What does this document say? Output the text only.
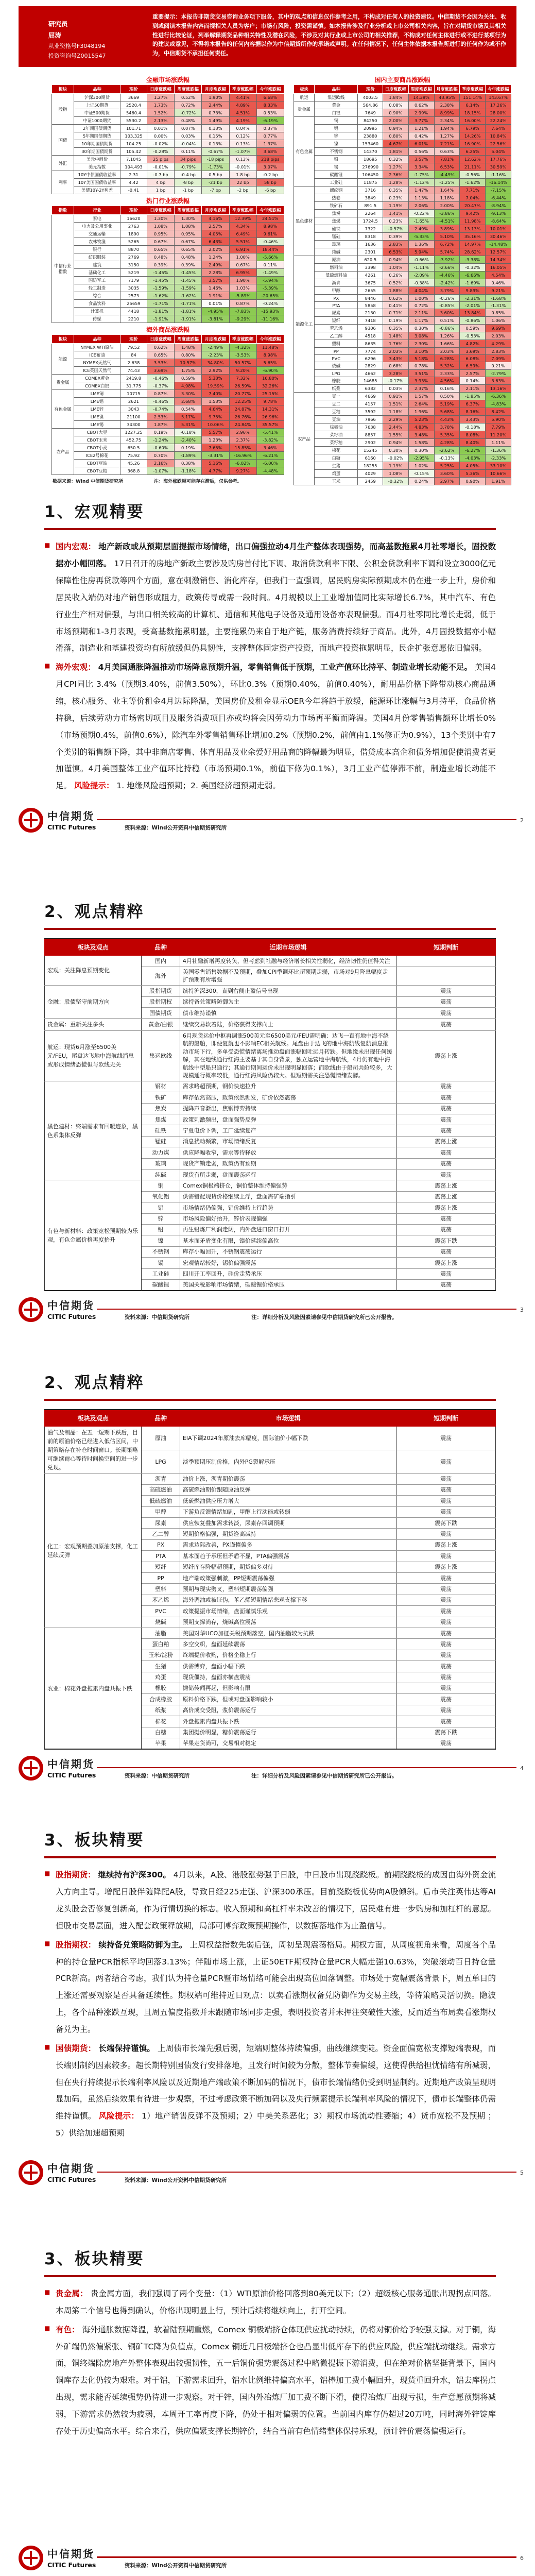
研究员
屈涛
从业资格号F3048194
投资咨询号Z0015547
重要提示：本报告非期货交易咨询业务项下服务，其中的观点和信息仅作参考之用，不构成对任何人的投资建议。中信期货不会因为关注、收到或阅读本报告内容而视相关人员为客户；市场有风险，投资需谨慎。如本报告涉及行业分析或上市公司相关内容，旨在对期货市场及其相关性进行比较论证，列举解释期货品种相关特性及潜在风险，不涉及对其行业或上市公司的相关推荐，不构成对任何主体进行或不进行某项行为的建议或意见，不得将本报告的任何内容据以作为中信期货所作的承诺或声明。在任何情况下，任何主体依据本报告所进行的任何作为或不作为，中信期货不承担任何责任。
金融市场涨跌幅
板块	品种	现价	日度涨跌幅	周度涨跌幅	月度涨跌幅	季度涨跌幅	今年涨跌幅
股指	沪深300期货	3669	1.27%	0.52%	1.90%	4.41%	6.68%
	上证50期货	2520.4	1.73%	0.72%	2.44%	4.89%	8.33%
	中证500期货	5460.4	1.52%	-0.72%	0.73%	4.51%	0.53%
	中证1000期货	5530.2	2.13%	0.48%	1.49%	4.19%	-6.19%
国债	2年期国债期货	101.71	0.01%	0.07%	0.13%	0.04%	0.37%
	5年期国债期货	103.325	0.00%	0.03%	0.15%	0.12%	0.77%
	10年期国债期货	104.25	-0.02%	-0.04%	0.13%	0.13%	1.37%
	30年期国债期货	105.42	-0.28%	0.11%	-0.67%	-1.07%	3.68%
外汇	美元中间价	7.1045	25 pips	34 pips	-18 pips	0.13%	218 pips
	美元指数	104.493	-0.01%	-0.79%	-1.73%	-0.01%	3.07%
利率	10Y中债国债收益率	2.31	-0.7 bp	-0.4 bp	0.5 bp	1.8 bp	-0.2 bp
	10Y美国国债收益率	4.42	4 bp	-8 bp	-21 bp	22 bp	58 bp
	美债10Y-2Y利差	-0.41	1 bp	-1 bp	-7 bp	-2 bp	-6 bp
热门行业涨跌幅
指数	行业	现价	日度涨跌幅	周度涨跌幅	月度涨跌幅	季度涨跌幅	今年涨跌幅
中信行业指数	家电	16620	1.30%	1.30%	4.16%	12.39%	24.51%
	电力及公用事业	2763	1.08%	1.08%	2.57%	4.34%	8.98%
	交通运输	1890	0.95%	0.95%	4.05%	6.49%	9.61%
	农林牧渔	5265	0.67%	0.67%	6.43%	5.51%	-0.46%
	银行	8870	0.65%	0.65%	2.02%	6.91%	18.44%
	纺织服装	2769	0.48%	0.48%	1.24%	1.00%	-5.66%
	建筑	3150	0.39%	0.39%	2.49%	0.67%	0.11%
	基础化工	5219	-1.45%	-1.45%	2.28%	6.95%	-1.49%
	国防军工	7179	-1.45%	-1.45%	3.57%	1.90%	-5.94%
	轻工制造	3035	-1.59%	-1.59%	1.46%	1.03%	-5.39%
	综合	2573	-1.62%	-1.62%	1.91%	-5.89%	-20.65%
	食品饮料	25659	-1.71%	-1.71%	0.01%	0.87%	-0.24%
	计算机	4418	-1.81%	-1.81%	-4.95%	-7.83%	-15.93%
	传媒	2210	-1.91%	-1.91%	-3.81%	-9.29%	-11.16%
海外商品涨跌幅
板块	品种	现价	日度涨跌幅	周度涨跌幅	月度涨跌幅	季度涨跌幅	今年涨跌幅
能源	NYMEX WTI原油	79.52	0.62%	1.48%	-2.49%	-4.32%	11.48%
	ICE布油	84	0.65%	0.80%	-2.23%	-3.53%	8.98%
	NYMEX天然气	2.638	3.53%	10.57%	34.80%	50.57%	5.65%
	ICE英国天然气	74.43	3.69%	1.75%	2.92%	9.20%	-6.90%
贵金属	COMEX黄金	2419.8	-0.46%	0.59%	5.33%	7.32%	16.80%
	COMEX白银	31.775	-0.37%	4.98%	19.59%	26.59%	32.26%
有色金属	LME铜	10715	0.87%	3.30%	7.40%	20.77%	25.15%
	LME铝	2621	-0.46%	2.68%	1.53%	12.25%	9.78%
	LME锌	3043	-0.74%	0.54%	4.64%	24.87%	14.31%
	LME镍	21100	2.53%	5.17%	9.75%	26.76%	26.96%
	LME锡	34300	1.87%	5.31%	10.06%	24.84%	35.57%
农产品	CBOT大豆	1227.25	0.19%	-0.18%	5.57%	2.96%	-5.41%
	CBOT玉米	452.75	-1.24%	-2.40%	1.23%	2.37%	-3.82%
	CBOT小麦	650.5	-0.60%	0.19%	7.65%	15.85%	3.46%
	ICE2号棉花	75.92	0.70%	-1.89%	-3.31%	-16.96%	-6.21%
	CBOT豆油	45.26	2.16%	0.38%	5.16%	-6.02%	-6.00%
	CBOT豆粕	368.8	-1.07%	-1.18%	4.77%	9.27%	-4.48%
数据来源：Wind 中信期货研究所	注：海外涨跌幅可能存在滞后，仅供参考。
国内主要商品涨跌幅
板块	品种	现价	日度涨跌幅	周度涨跌幅	月度涨跌幅	季度涨跌幅	今年涨跌幅
航运	集运欧线	4003.5	1.84%	14.39%	43.95%	151.14%	143.67%
贵金属	黄金	564.86	0.08%	0.62%	2.38%	6.14%	17.26%
	白银	7649	0.90%	2.99%	8.99%	18.15%	28.00%
有色金属	铜	84250	2.00%	3.77%	2.34%	16.00%	22.24%
	铝	20995	0.94%	1.21%	1.94%	6.79%	7.64%
	锌	23880	0.80%	0.42%	1.27%	14.26%	10.84%
	镍	153460	4.67%	6.01%	7.21%	16.90%	22.56%
	不锈钢	14370	1.81%	0.56%	0.63%	6.25%	5.04%
	铅	18695	0.32%	3.57%	7.81%	12.62%	17.76%
	锡	276990	1.27%	3.34%	6.53%	21.11%	30.59%
	碳酸锂	106450	2.36%	-1.75%	-4.49%	-0.56%	-1.16%
	工业硅	11875	1.28%	-1.12%	-1.25%	-1.62%	-16.14%
黑色建材	螺纹钢	3716	0.35%	1.47%	1.64%	7.71%	-7.15%
	热卷	3849	0.23%	1.13%	1.18%	7.04%	-6.44%
	铁矿石	891.5	1.19%	2.06%	2.00%	20.47%	-8.94%
	焦炭	2264	1.41%	-0.22%	-3.86%	9.42%	-9.13%
	焦煤	1724.5	0.23%	-1.65%	-4.51%	11.98%	-8.64%
	硅铁	7322	-0.57%	2.49%	3.89%	13.13%	10.01%
	锰硅	8318	0.39%	-5.33%	5.10%	35.16%	30.46%
	玻璃	1636	2.83%	1.36%	6.72%	14.97%	-14.48%
	纯碱	2301	6.53%	5.94%	5.74%	28.62%	12.57%
能源化工	原油	620.5	0.94%	-0.66%	-3.92%	-3.38%	14.34%
	燃料油	3398	1.04%	-1.11%	-2.66%	-0.32%	16.05%
	低硫燃料油	4261	0.26%	-2.09%	-4.46%	-6.66%	4.54%
	沥青	3675	0.52%	-0.38%	-2.42%	-1.69%	0.46%
	甲醇	2655	1.88%	4.04%	3.79%	9.89%	9.21%
	PX	8446	0.62%	1.00%	-0.26%	-2.31%	-1.68%
	PTA	5858	0.41%	0.72%	-0.85%	-2.01%	-1.31%
	尿素	2130	0.71%	2.11%	3.60%	13.84%	0.85%
	短纤	7418	0.19%	1.17%	0.51%	-0.86%	1.06%
	苯乙烯	9306	0.35%	0.30%	-0.86%	0.59%	9.69%
	乙二醇	4518	1.48%	3.08%	1.26%	-0.53%	2.03%
	塑料	8635	1.76%	2.30%	1.66%	4.82%	4.29%
	PP	7774	2.03%	3.10%	2.03%	3.69%	2.83%
	PVC	6296	3.43%	5.18%	6.28%	6.08%	7.09%
	烧碱	2829	0.68%	0.78%	5.32%	6.59%	0.21%
	LPG	4662	3.28%	3.51%	2.33%	2.57%	-2.79%
	橡胶	14685	-0.17%	3.93%	4.56%	0.14%	3.63%
	纸浆	6382	0.03%	2.37%	0.16%	2.11%	13.16%
农产品	豆一	4669	0.91%	1.57%	0.50%	-1.85%	-6.36%
	豆二	4157	1.51%	2.64%	5.19%	6.37%	-4.83%
	豆粕	3592	1.18%	1.96%	5.68%	8.16%	8.42%
	豆油	7966	2.29%	5.23%	4.43%	3.43%	5.90%
	棕榈油	7638	2.44%	4.83%	3.78%	-0.18%	7.79%
	菜籽油	8857	1.55%	3.48%	5.35%	8.08%	11.20%
	菜籽粕	2902	0.94%	1.58%	4.28%	8.40%	1.11%
	棉花	15245	0.30%	0.30%	-2.62%	-6.27%	-1.36%
	白糖	6160	-0.02%	-2.95%	-0.13%	-4.03%	-2.33%
	生猪	18255	1.19%	1.02%	5.25%	4.05%	33.10%
	鸡蛋	4029	1.08%	-0.15%	3.60%	5.36%	10.66%
	玉米	2459	-0.32%	0.24%	2.97%	0.90%	1.91%
1、宏观精要

■ 国内宏观： 地产新政或从预期层面提振市场情绪，出口偏强拉动4月生产整体表现强势，而高基数拖累4月社零增长，固投数据亦小幅回落。 17日召开的房地产新政主要涉及购房首付比下调、取消贷款利率下限、公积金贷款利率下调和设立3000亿元保障性住房再贷款等四个方面，意在刺激销售、消化库存，但我们一直强调，居民购房实际预期成本仍在进一步上升，房价和居民收入端仍对地产销售形成阻力，政策传导或需一段时间。4月规模以上工业增加值同比实际增长6.7%，其中汽车、有色行业生产相对偏强，与出口相关较高的计算机、通信和其他电子设备及通用设备亦表现偏强。而4月社零同比增长走弱，低于市场预期和1-3月表现，受高基数拖累明显，主要拖累仍来自于地产链，服务消费持续好于商品。此外，4月固投数据亦小幅滑落，制造业和基建投资均有所放缓但仍具韧性，支撑整体固定资产投资，而地产投资拖累明显，民企扩张意愿依旧偏弱。

■ 海外宏观： 4月美国通胀降温推动市场降息预期升温，零售销售低于预期，工业产值环比持平、制造业增长动能不足。 美国4月CPI同比 3.4%（预期3.40%，前值3.50%），环比0.3%（预期0.40%，前值0.40%），耐用品价格下降带动核心商品通缩，核心服务、业主等价租金4月边际降温，美国房价及租金显示OER今年将趋于放缓，能源环比涨幅与3月持平，食品价格持稳，后续劳动力市场密切项目及服务消费项目亦或均将会因劳动力市场再平衡而降温。美国4月份零售销售额环比增长0%（市场预期0.4%，前值0.6%），除汽车外零售销售环比增加0.2%（预期0.2%，前值由1.1%修正为0.9%），13个类别中有7个类别的销售额下降，其中非商店零售、体育用品及业余爱好用品商的降幅最为明显，借贷成本高企和债务增加促使消费者更加谨慎。4月美国整体工业产值环比持稳（市场预期0.1%，前值下修为0.1%），3月工业产值停滞不前，制造业增长动能不足。 风险提示： 1. 地缘风险超预期；2. 美国经济超预期走弱。

中信期货
CITIC Futures	资料来源：Wind公开资料中信期货研究所
2
2、观点精粹
板块及观点	品种	近期市场逻辑	短期判断
宏观：关注降息预期变化	国内	4月社融新增再度转负，但考虑到社融与经济增长相关性弱化，经济韧性仍值得关注	
	海外	美国零售销售数据不及预期，叠加CPI季调环比超预期走弱，市场对9月降息幅度走扩预期有所增强	
金融：股债坚守前期方向	股指期货	续持沪深300，直到右侧止盈信号出现	震荡
	股指期权	续持备兑策略防御为主	震荡
	国债期货	债市维持谨慎	震荡
贵金属：重新关注多头	黄金/白银	继续交易软着陆，价格获得支撑向上	震荡
航运：现货6月涨至6500美元/FEU，尾盘达飞地中海航线消息或形成情绪恐慌但与欧线无关	集运欧线	6月现货运价中枢再调涨500美元至6500美元/FEU需明确：达飞一直有地中海不绕航的船舶，即便复航也不影响EC相关航线。尾盘由于达飞的地中海航线复航消息推动市场下行，多单受恐慌情绪离场推动盘面涨幅回吐远月转跌。但地缘未出现任何缓解，其在地线通行红海主要基于其自身背景，独立运营地中海航线，4月仍有地中海航线中型船只通行；其通行期间运价未出现明显回落；而欧线由于船司共舱较多，大规模通行概率较低，通行红海风险仍较大。但短期需关注恐慌情绪发酵。	震荡上涨
黑色建材：终端需求有回暖迹象，黑色系集体反弹	钢材	需求略超预期，钢价快速拉升	震荡
	铁矿	库存依然高压，政策依然频发，矿价依然震荡	震荡
	焦炭	提降声音渐出，焦钢博弈持续	震荡
	焦煤	政策刺激频出，盘面强势反弹	震荡
	硅铁	宁夏电价下调，工厂延续复产	震荡
	锰硅	消息扰动频繁，市场情绪反复	震荡上涨
	动力煤	供应降幅收窄，需求等待释放	震荡
	玻璃	现货产销走弱，政策仍有预期	震荡
	纯碱	现货有所走弱，盘面震荡运行	震荡
有色与新材料：政策宽松预期较为乐观，有色金属价格再度抬升	铜	Comex铜极端挤仓，铜价整体维持偏强势	震荡上涨
	氧化铝	供需错配现货价格继续上浮，盘面需矿端指引	震荡上涨
	铝	市场情绪仍偏强，铝价维持上行趋势	震荡上涨
	锌	市场风险偏好抬升，锌价表现偏强	震荡
	铅	再生铅炼厂利润走阔，内外盘进口窗口打开	震荡
	镍	基本面矛盾变化有限，镍价延续偏高位	震荡下跌
	不锈钢	库存小幅回升，不锈钢震荡运行	震荡
	锡	宏观情绪较好，锡价偏强震荡	震荡上涨
	工业硅	四川开工率回升，硅价走势承压	震荡
	碳酸锂	美国关税影响市场情绪，碳酸锂价格承压	震荡
中信期货
CITIC Futures	资料来源：中信期货研究所	注：详细分析及风险因素请参见中信期货研究所已公开报告。
3
2、观点精粹
板块及观点	品种	市场逻辑	短期判断
油气及制品：在五一短期下跌后，目前的原油价格已经进入低估区间，中期策略存在补仓时间窗口。长期策略可继续耐心等待时间换空间的进一步兑现。	原油	EIA下调2024年原油去库幅度，国际油价小幅下跌	震荡
	LPG	淡季预期压制价格，内外PG裂解承压	震荡
化工：宏观预期叠加原油支撑，化工延续反弹	沥青	油价上涨，沥青期价震荡	震荡
	高硫燃油	高硫燃油期价跟随原油反弹	震荡
	低硫燃油	低硫燃油供应压力增大	震荡
	甲醇	下游负反馈情绪加剧，甲醇上行动能或转弱	震荡
	尿素	供应恢复叠加需求转淡，尿素存回调预期	震荡下跌
	乙二醇	短期价格偏强，期货逢高减持	震荡
	PX	需求边际改善，PX谨慎偏多	震荡上涨
	PTA	基本面趋于承压但矛盾不显，PTA偏强震荡	震荡
	短纤	短纤库存降幅超预期，期货偏多对待	震荡上涨
	PP	地产端政策强刺激，PP短期震荡偏强	震荡
	塑料	预期与现实劈叉，塑料短期震荡偏强	震荡
	苯乙烯	海外调油或被证伪，苯乙烯短期情绪悲观支撑下移	震荡
	PVC	政策提振市场情绪，盘面谨慎乐观	震荡
	烧碱	预期支撑尚存，烧碱高位震荡	震荡
农业：棉花外盘拖累内盘共振下跌	油脂	美国对华UCO加征关税预期落空，国内油脂较为抗跌	震荡
	蛋白粕	多空交织，盘面延续震荡	震荡
	玉米/淀粉	终端提价收购，价格企稳上行	震荡
	生猪	供需博弈，盘面小幅下跌	震荡
	鸡蛋	现货僵持，盘面亦横盘震荡	震荡
	橡胶	抛储传闻再起，但影响有限	震荡
	合成橡胶	原料价格下跌，但或对盘面影响较小	震荡
	纸浆	高价成交受阻，浆价震荡运行	震荡
	棉花	外盘拖累内盘共振下跌	震荡
	白糖	集团挺价明显，糖价震荡运行	震荡下跌
	苹果	苹果走货尚可，交易相对稳定	震荡
中信期货
CITIC Futures	资料来源：中信期货研究所	注：详细分析及风险因素请参见中信期货研究所已公开报告。
4
3、板块精要

■ 股指期货： 继续持有沪深300。 4月以来，A股、港股涨势强于日股，中日股市出现跷跷板。前期跷跷板的成因由海外资金流入方向主导。增配日股伴随降配A股，导致日经225走强、沪深300承压。目前跷跷板优势向A股倾斜。后市关注英伟达等AI龙头股会否修复创新高，作为行情切换的标志。收入预期和高杠杆率未改善的情况下，居民难有进一步购房和加杠杆的意愿。但股市交易层面，进入配套政策释放期，局部可博弈政策预期操作，以数据落地作为止盈信号。

■ 股指期权： 续持备兑策略防御为主。 上周权益指数先弱后强，周初呈现震荡格局。期权方面，从周度视角来看，周度各个品种的持仓量PCR指标平均回落3.13%；伴随市场上涨，上证50ETF期权持仓量PCR大幅走强10.63%，突破滚动百日持仓量PCR新高。两者结合考虑，我们认为持仓量PCR暨市场情绪可能会出现高位回落调整。市场处于宽幅震荡背景下，周五单日的上涨还需要观察是否具备延续性。期权端可维持近日观点：以卖看涨期权备兑防御作为交易主线，等待策略灵活切换。隐波上，各个品种涨跌互现，且周五偏度指数并未跟随市场同步走强，表明投资者并未押注突破性大涨，反而适当布局卖看涨期权备兑为主。

■ 国债期货： 长端保持谨慎。 上周债市长端先强后弱，短端则整体持续偏强，曲线继续变陡。资金面偏宽松支撑短端表现，而长端则制约因素较多。超长期特别国债发行安排落地，且发行时间较为分散，整体节奏偏缓，这使得供给担忧情绪有所减弱，但在央行持续提示长端利率风险以及近期地产端政策不断加码的情况下，债市长端情绪仍受到明显制约。近期地产政策呈现明显加码，虽然后续效果有待进一步观察，不过考虑政策不断加码以及央行频繁提示长端利率风险的情况下，债市长端整体仍需维持谨慎。 风险提示： 1）地产销售反弹不及预期；2）中美关系恶化；3）期权市场流动性萎缩；4）货币宽松不及预期 ；5）供给加速超预期

中信期货
CITIC Futures	资料来源：Wind公开资料中信期货研究所
5
3、板块精要

■ 贵金属： 贵金属方面，我们强调了两个变量：（1）WTI原油价格回落到80美元以下;（2）超级核心服务通胀出现拐点回落。本周第二个信号也得到确认，价格出现明显上行，预计后续将继续向上，打开空间。

■ 有色： 海外通胀数据降温，软着陆预期重燃，Comex 铜极端挤仓体现供应扰动持续，仍将对铜价给予较强支撑。对于铜，海外矿端仍然偏紧张、铜矿TC降为负值点，Comex 铜近几日极端挤仓也凸显出低库存下的供应风险，供应端扰动继续。需求方面，铜终端除房地产外整体表现出较强韧性，五一后铜价强势震荡过程中略微提振下游消费，但在绝对价格坚挺背景下，国内铜库存去化仍较为艰难。对于铝，下游需求回升，铝水比例维持偏高水平，铝棒加工费小幅回升，现货重回升水，铝去库拐点出现，需求能否延续强势仍待进一步观察。对于锌，国内外冶炼厂加工费不断下滑，使得冶炼厂出现亏损，生产意愿预期将减弱，下游需求仍然较为疲弱，本周开工率再度下降，仍处于相对偏弱的位置。当前国内库存仍超过20万吨，同时海外锌锭库存处于历史偏高水平。综合来看，供应偏紧支撑长期锌价，结合当前有色情绪整体保持乐观，预计锌价震荡偏强运行。

中信期货
CITIC Futures	资料来源：Wind公开资料中信期货研究所
6
